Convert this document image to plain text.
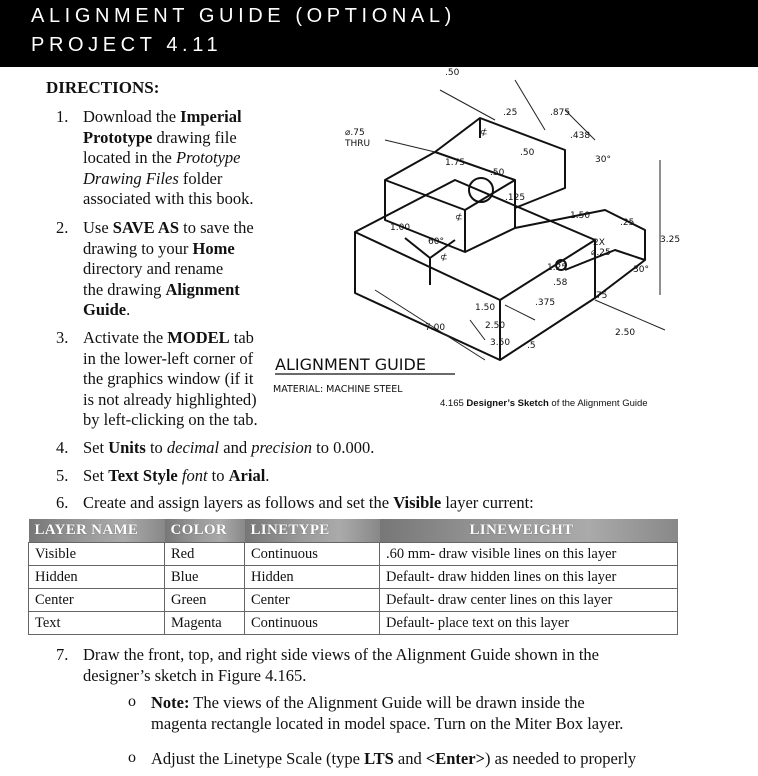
ALIGNMENT GUIDE (OPTIONAL)
PROJECT 4.11
DIRECTIONS:
1. Download the Imperial
Prototype drawing file
located in the Prototype
Drawing Files folder
associated with this book.
2. Use SAVE AS to save the
drawing to your Home
directory and rename
the drawing Alignment
Guide.
3. Activate the MODEL tab
in the lower-left corner of
the graphics window (if it
is not already highlighted)
by left-clicking on the tab.
.50
.25	.875
⌀.75
THRU
.438
.50
1.75
.50
30°
.125
1.50
.25
3.25
1.00
60°	2X
⌀.25
1.25	30°
.58
.75
.375
1.50
2.50
7.00	2.50
3.50 .5
⊄
⊄
⊄
ALIGNMENT GUIDE
MATERIAL: MACHINE STEEL
4.165 Designer’s Sketch of the Alignment Guide
4. Set Units to decimal and precision to 0.000.
5. Set Text Style font to Arial.
6. Create and assign layers as follows and set the Visible layer current:
LAYER NAME	COLOR	LINETYPE	LINEWEIGHT
Visible	Red	Continuous	.60 mm- draw visible lines on this layer
Hidden	Blue	Hidden	Default- draw hidden lines on this layer
Center	Green	Center	Default- draw center lines on this layer
Text	Magenta	Continuous	Default- place text on this layer
7. Draw the front, top, and right side views of the Alignment Guide shown in the
designer’s sketch in Figure 4.165.
o Note: The views of the Alignment Guide will be drawn inside the
magenta rectangle located in model space. Turn on the Miter Box layer.
o Adjust the Linetype Scale (type LTS and <Enter>) as needed to properly
